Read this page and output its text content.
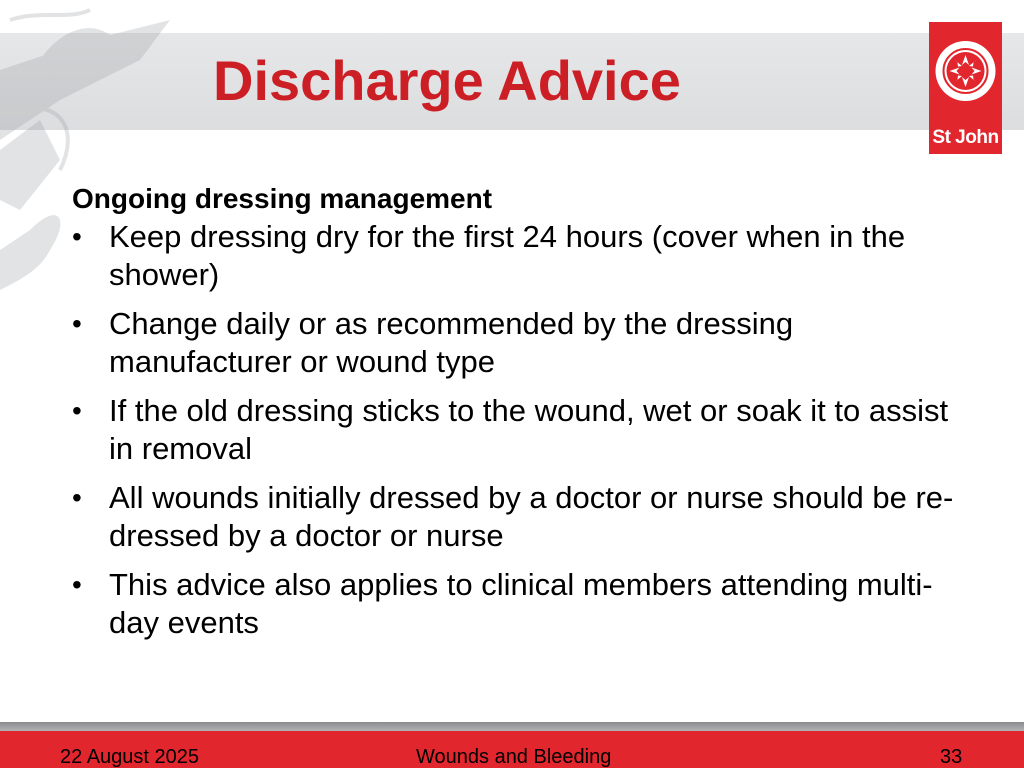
Discharge Advice
St John
Ongoing dressing management
• Keep dressing dry for the first 24 hours (cover when in the shower)
• Change daily or as recommended by the dressing manufacturer or wound type
• If the old dressing sticks to the wound, wet or soak it to assist in removal
• All wounds initially dressed by a doctor or nurse should be re-dressed by a doctor or nurse
• This advice also applies to clinical members attending multi-day events
22 August 2025	Wounds and Bleeding	33
